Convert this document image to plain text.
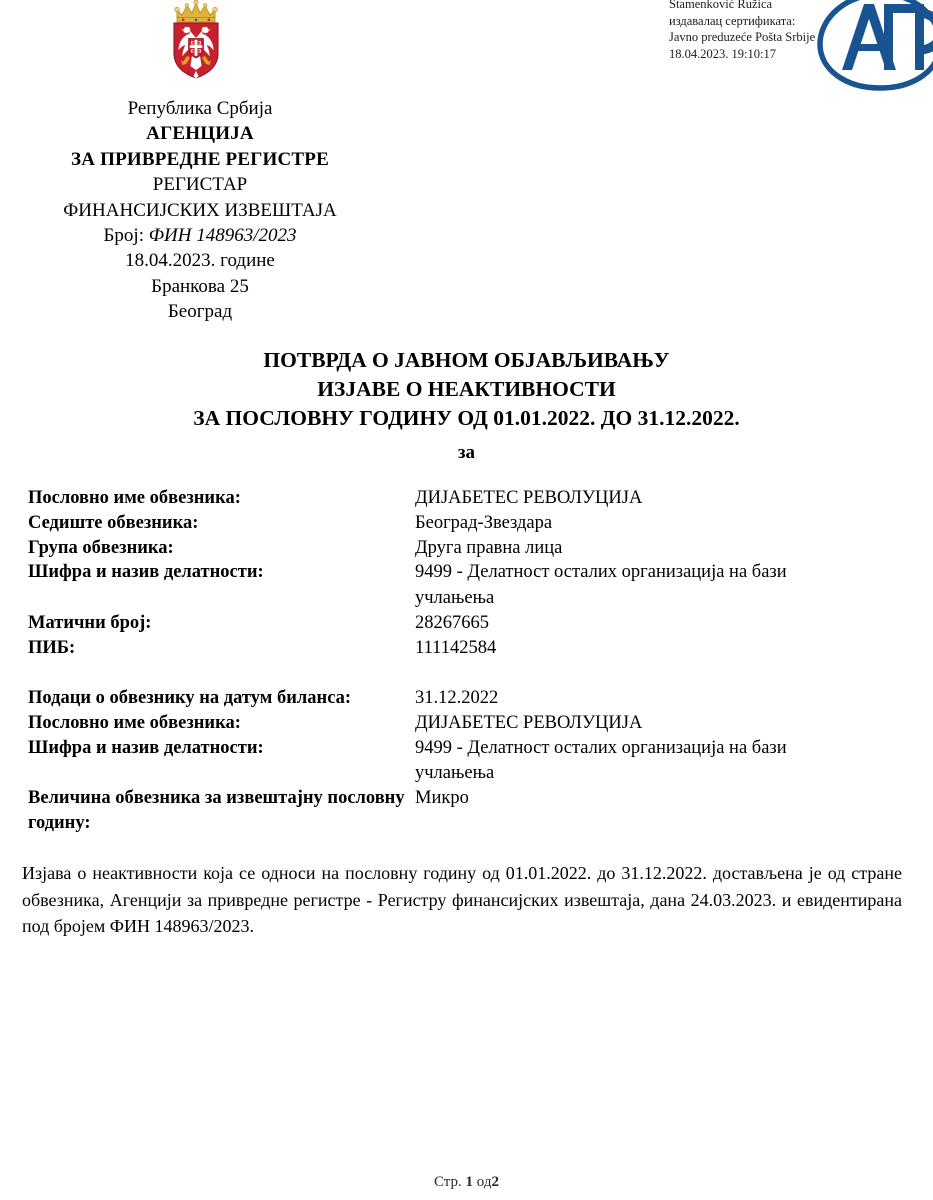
Stamenković Ružica
издавалац сертификата:
Javno preduzeće Pošta Srbije
18.04.2023. 19:10:17
Република Србија
АГЕНЦИЈА
ЗА ПРИВРЕДНЕ РЕГИСТРЕ
РЕГИСТАР
ФИНАНСИЈСКИХ ИЗВЕШТАЈА
Број: ФИН 148963/2023
18.04.2023. године
Бранкова 25
Београд
ПОТВРДА О ЈАВНОМ ОБЈАВЉИВАЊУ
ИЗЈАВЕ О НЕАКТИВНОСТИ
ЗА ПОСЛОВНУ ГОДИНУ ОД 01.01.2022. ДО 31.12.2022.
за
Пословно име обвезника:	ДИЈАБЕТЕС РЕВОЛУЦИЈА
Седиште обвезника:	Београд-Звездара
Група обвезника:	Друга правна лица
Шифра и назив делатности:	9499 - Делатност осталих организација на бази учлањења
Матични број:	28267665
ПИБ:	111142584
Подаци о обвезнику на датум биланса:	31.12.2022
Пословно име обвезника:	ДИЈАБЕТЕС РЕВОЛУЦИЈА
Шифра и назив делатности:	9499 - Делатност осталих организација на бази учлањења
Величина обвезника за извештајну пословну годину:
Микро
Изјава о неактивности која се односи на пословну годину од 01.01.2022. до 31.12.2022. достављена је од стране обвезника, Агенцији за привредне регистре - Регистру финансијских извештаја, дана 24.03.2023. и евидентирана под бројем ФИН 148963/2023.
Стр. 1 од2
